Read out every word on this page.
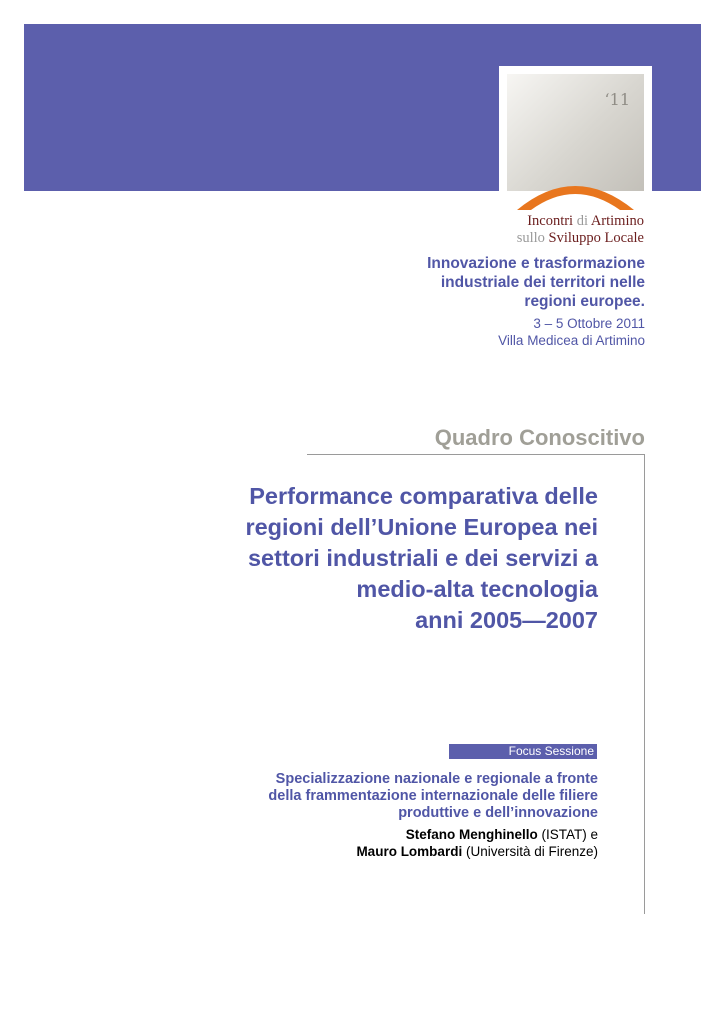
‘11
Incontri di Artimino
sullo Sviluppo Locale
Innovazione e trasformazione
industriale dei territori nelle
regioni europee.
3 – 5 Ottobre 2011
Villa Medicea di Artimino
Quadro Conoscitivo
Performance comparativa delle
regioni dell’Unione Europea nei
settori industriali e dei servizi a
medio-alta tecnologia
anni 2005—2007
Focus Sessione
Specializzazione nazionale e regionale a fronte
della frammentazione internazionale delle filiere
produttive e dell’innovazione
Stefano Menghinello (ISTAT) e
Mauro Lombardi (Università di Firenze)
